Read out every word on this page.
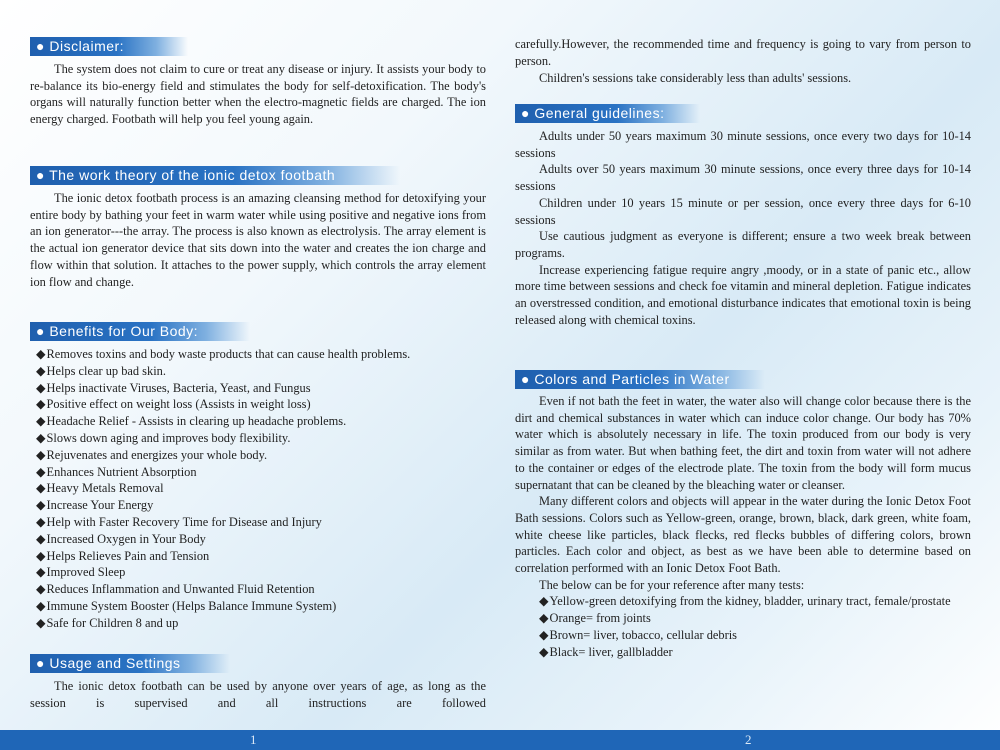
● Disclaimer:

The system does not claim to cure or treat any disease or injury. It assists your body to re-balance its bio-energy field and stimulates the body for self-detoxification. The body's organs will naturally function better when the electro-magnetic fields are charged. The ion energy charged. Footbath will help you feel young again.

● The work theory of the ionic detox footbath

The ionic detox footbath process is an amazing cleansing method for detoxifying your entire body by bathing your feet in warm water while using positive and negative ions from an ion generator---the array. The process is also known as electrolysis. The array element is the actual ion generator device that sits down into the water and creates the ion charge and flow within that solution. It attaches to the power supply, which controls the array element ion flow and change.

● Benefits for Our Body:
◆ Removes toxins and body waste products that can cause health problems.
◆ Helps clear up bad skin.
◆ Helps inactivate Viruses, Bacteria, Yeast, and Fungus
◆ Positive effect on weight loss (Assists in weight loss)
◆ Headache Relief - Assists in clearing up headache problems.
◆ Slows down aging and improves body flexibility.
◆ Rejuvenates and energizes your whole body.
◆ Enhances Nutrient Absorption
◆ Heavy Metals Removal
◆ Increase Your Energy
◆ Help with Faster Recovery Time for Disease and Injury
◆ Increased Oxygen in Your Body
◆ Helps Relieves Pain and Tension
◆ Improved Sleep
◆ Reduces Inflammation and Unwanted Fluid Retention
◆ Immune System Booster (Helps Balance Immune System)
◆ Safe for Children 8 and up
● Usage and Settings

The ionic detox footbath can be used by anyone over years of age, as long as the session is supervised and all instructions are followed

carefully.However, the recommended time and frequency is going to vary from person to person.

Children's sessions take considerably less than adults' sessions.

● General guidelines:

Adults under 50 years maximum 30 minute sessions, once every two days for 10-14 sessions

Adults over 50 years maximum 30 minute sessions, once every three days for 10-14 sessions

Children under 10 years 15 minute or per session, once every three days for 6-10 sessions

Use cautious judgment as everyone is different; ensure a two week break between programs.

Increase experiencing fatigue require angry ,moody, or in a state of panic etc., allow more time between sessions and check foe vitamin and mineral depletion. Fatigue indicates an overstressed condition, and emotional disturbance indicates that emotional toxin is being released along with chemical toxins.

● Colors and Particles in Water

Even if not bath the feet in water, the water also will change color because there is the dirt and chemical substances in water which can induce color change. Our body has 70% water which is absolutely necessary in life. The toxin produced from our body is very similar as from water. But when bathing feet, the dirt and toxin from water will not adhere to the container or edges of the electrode plate. The toxin from the body will form mucus supernatant that can be cleaned by the bleaching water or cleanser.

Many different colors and objects will appear in the water during the Ionic Detox Foot Bath sessions. Colors such as Yellow-green, orange, brown, black, dark green, white foam, white cheese like particles, black flecks, red flecks bubbles of differing colors, brown particles. Each color and object, as best as we have been able to determine based on correlation performed with an Ionic Detox Foot Bath.

The below can be for your reference after many tests:

◆ Yellow-green detoxifying from the kidney, bladder, urinary tract, female/prostate
◆ Orange= from joints
◆ Brown= liver, tobacco, cellular debris
◆ Black= liver, gallbladder
1	2
